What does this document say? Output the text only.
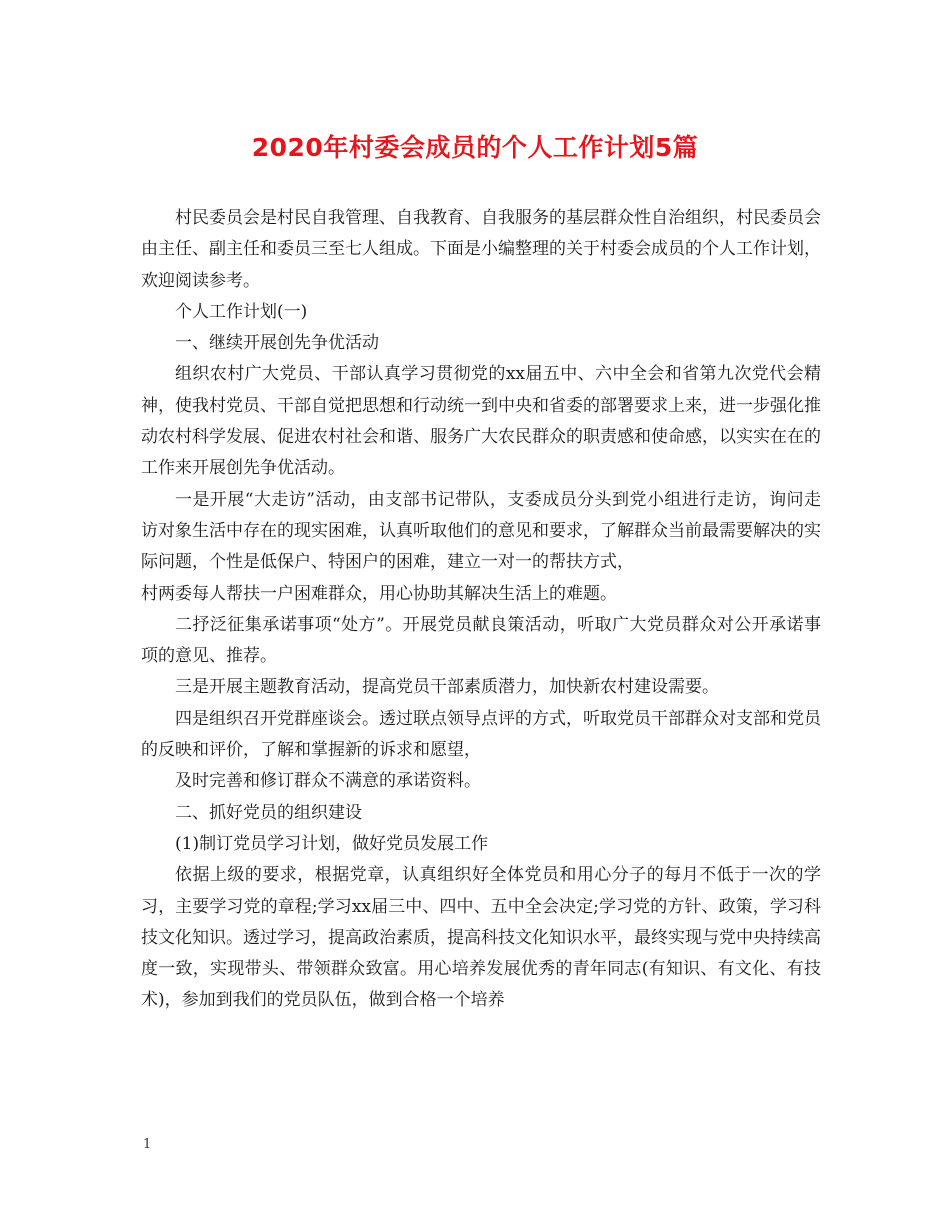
2020年村委会成员的个人工作计划5篇

村民委员会是村民自我管理、自我教育、自我服务的基层群众性自治组织，村民委员会由主任、副主任和委员三至七人组成。下面是小编整理的关于村委会成员的个人工作计划，欢迎阅读参考。

个人工作计划(一)

一、继续开展创先争优活动

组织农村广大党员、干部认真学习贯彻党的xx届五中、六中全会和省第九次党代会精神，使我村党员、干部自觉把思想和行动统一到中央和省委的部署要求上来，进一步强化推动农村科学发展、促进农村社会和谐、服务广大农民群众的职责感和使命感，以实实在在的工作来开展创先争优活动。

一是开展“大走访”活动，由支部书记带队，支委成员分头到党小组进行走访，询问走访对象生活中存在的现实困难，认真听取他们的意见和要求，了解群众当前最需要解决的实际问题，个性是低保户、特困户的困难，建立一对一的帮扶方式，

村两委每人帮扶一户困难群众，用心协助其解决生活上的难题。

二抒泛征集承诺事项“处方”。开展党员献良策活动，听取广大党员群众对公开承诺事项的意见、推荐。

三是开展主题教育活动，提高党员干部素质潜力，加快新农村建设需要。

四是组织召开党群座谈会。透过联点领导点评的方式，听取党员干部群众对支部和党员的反映和评价，了解和掌握新的诉求和愿望，

及时完善和修订群众不满意的承诺资料。

二、抓好党员的组织建设

(1)制订党员学习计划，做好党员发展工作

依据上级的要求，根据党章，认真组织好全体党员和用心分子的每月不低于一次的学习，主要学习党的章程;学习xx届三中、四中、五中全会决定;学习党的方针、政策，学习科技文化知识。透过学习，提高政治素质，提高科技文化知识水平，最终实现与党中央持续高度一致，实现带头、带领群众致富。用心培养发展优秀的青年同志(有知识、有文化、有技术)，参加到我们的党员队伍，做到合格一个培养

1
